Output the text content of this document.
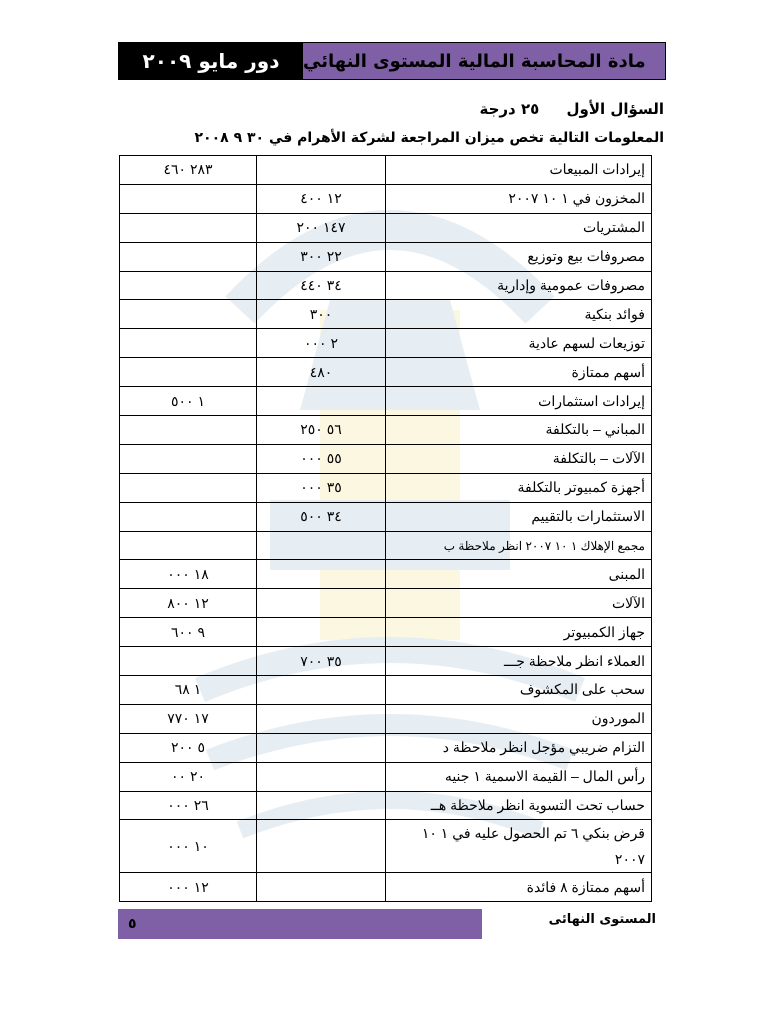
دور مايو ٢٠٠٩	مادة المحاسبة المالية المستوى النهائي
السؤال الأول ٢٥ درجة
المعلومات التالية تخص ميزان المراجعة لشركة الأهرام في ٣٠ ٩ ٢٠٠٨
إيرادات المبيعات		٢٨٣ ٤٦٠
المخزون في ١ ١٠ ٢٠٠٧	١٢ ٤٠٠	
المشتريات	١٤٧ ٢٠٠	
مصروفات بيع وتوزيع	٢٢ ٣٠٠	
مصروفات عمومية وإدارية	٣٤ ٤٤٠	
فوائد بنكية	٣٠٠	
توزيعات لسهم عادية	٢ ٠٠٠	
أسهم ممتازة	٤٨٠	
إيرادات استثمارات		١ ٥٠٠
المباني – بالتكلفة	٥٦ ٢٥٠	
الآلات – بالتكلفة	٥٥ ٠٠٠	
أجهزة كمبيوتر بالتكلفة	٣٥ ٠٠٠	
الاستثمارات بالتقييم	٣٤ ٥٠٠	
مجمع الإهلاك ١ ١٠ ٢٠٠٧ انظر ملاحظة ب		
المبنى		١٨ ٠٠٠
الآلات		١٢ ٨٠٠
جهاز الكمبيوتر		٩ ٦٠٠
العملاء انظر ملاحظة جـــ	٣٥ ٧٠٠	
سحب على المكشوف		١ ٦٨
الموردون		١٧ ٧٧٠
التزام ضريبي مؤجل انظر ملاحظة د		٥ ٢٠٠
رأس المال – القيمة الاسمية ١ جنيه		٢٠ ٠٠
حساب تحت التسوية انظر ملاحظة هــ		٢٦ ٠٠٠
قرض بنكي ٦ تم الحصول عليه في ١ ١٠ ٢٠٠٧		١٠ ٠٠٠
أسهم ممتازة ٨ فائدة		١٢ ٠٠٠
٥	المستوى النهائى
